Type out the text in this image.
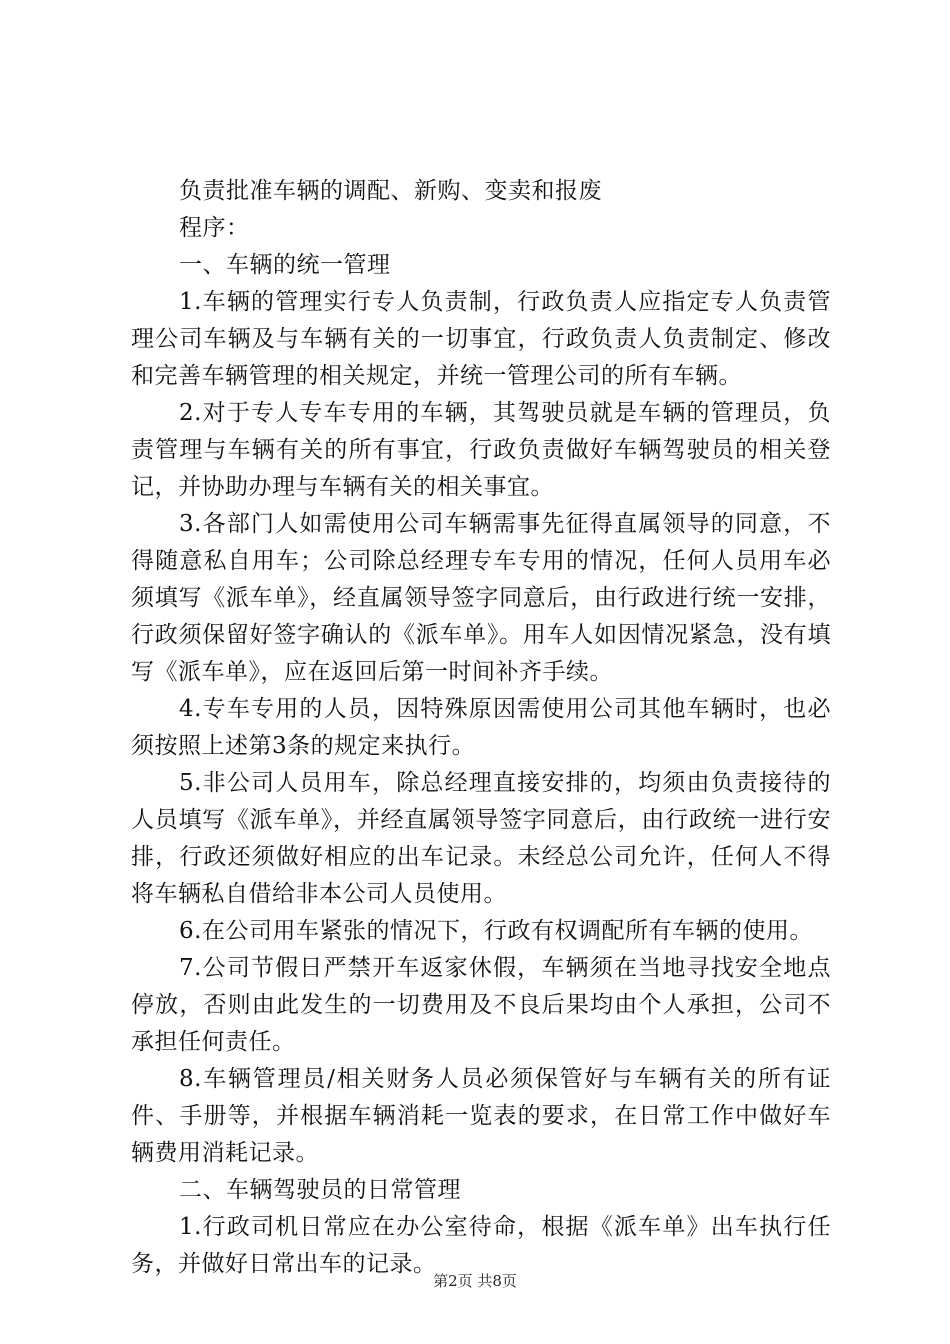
负责批准车辆的调配、新购、变卖和报废

程序：

一、车辆的统一管理

1.车辆的管理实行专人负责制，行政负责人应指定专人负责管理公司车辆及与车辆有关的一切事宜，行政负责人负责制定、修改和完善车辆管理的相关规定，并统一管理公司的所有车辆。

2.对于专人专车专用的车辆，其驾驶员就是车辆的管理员，负责管理与车辆有关的所有事宜，行政负责做好车辆驾驶员的相关登记，并协助办理与车辆有关的相关事宜。

3.各部门人如需使用公司车辆需事先征得直属领导的同意，不得随意私自用车；公司除总经理专车专用的情况，任何人员用车必须填写《派车单》，经直属领导签字同意后，由行政进行统一安排，行政须保留好签字确认的《派车单》。用车人如因情况紧急，没有填写《派车单》，应在返回后第一时间补齐手续。

4.专车专用的人员，因特殊原因需使用公司其他车辆时，也必须按照上述第3条的规定来执行。

5.非公司人员用车，除总经理直接安排的，均须由负责接待的人员填写《派车单》，并经直属领导签字同意后，由行政统一进行安排，行政还须做好相应的出车记录。未经总公司允许，任何人不得将车辆私自借给非本公司人员使用。

6.在公司用车紧张的情况下，行政有权调配所有车辆的使用。

7.公司节假日严禁开车返家休假，车辆须在当地寻找安全地点停放，否则由此发生的一切费用及不良后果均由个人承担，公司不承担任何责任。

8.车辆管理员/相关财务人员必须保管好与车辆有关的所有证件、手册等，并根据车辆消耗一览表的要求，在日常工作中做好车辆费用消耗记录。

二、车辆驾驶员的日常管理

1.行政司机日常应在办公室待命，根据《派车单》出车执行任务，并做好日常出车的记录。

第2页 共8页
